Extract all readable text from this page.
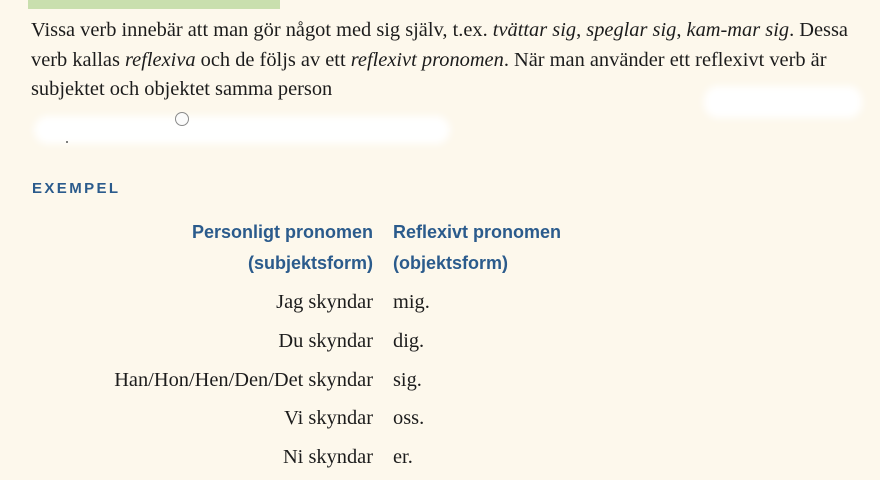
Vissa verb innebär att man gör något med sig själv, t.ex. tvättar sig, speglar sig, kam-mar sig. Dessa verb kallas reflexiva och de följs av ett reflexivt pronomen. När man använder ett reflexivt verb är subjektet och objektet samma person

EXEMPEL
Personligt pronomen
(subjektsform)
Reflexivt pronomen
(objektsform)
Jag skyndar mig.
Du skyndar dig.
Han/Hon/Hen/Den/Det skyndar sig.
Vi skyndar oss.
Ni skyndar er.
